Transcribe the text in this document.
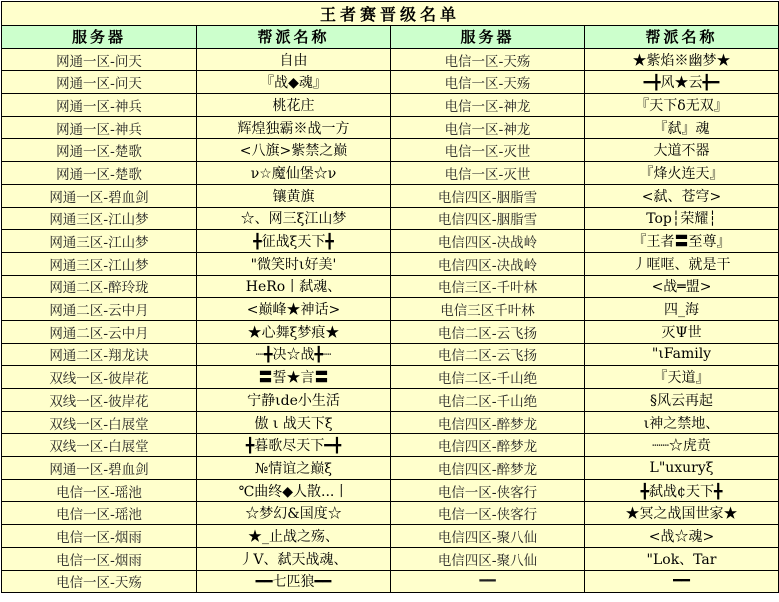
王者赛晋级名单			
服务器	帮派名称	服务器	帮派名称
网通一区-问天	自由	电信一区-天殇	★紫焰※幽梦★
网通一区-问天	『战◆魂』	电信一区-天殇	━╋风★云╋━
网通一区-神兵	桃花庄	电信一区-神龙	『天下δ无双』
网通一区-神兵	辉煌独霸※战一方	电信一区-神龙	『弑』魂
网通一区-楚歌	<八旗>紫禁之巅	电信一区-灭世	大道不器
网通一区-楚歌	ν☆魔仙堡☆ν	电信一区-灭世	『烽火连天』
网通一区-碧血剑	镶黄旗	电信四区-胭脂雪	<弑、苍穹>
网通三区-江山梦	☆、网三ξ江山梦	电信四区-胭脂雪	Top┆荣耀┆
网通三区-江山梦	╋征战ξ天下╋	电信四区-决战岭	『王者〓至尊』
网通三区-江山梦	"微笑时ι好美'	电信四区-决战岭	丿哐哐、就是干
网通二区-醉玲珑	HeRo丨弑魂、	电信三区-千叶林	<战═盟>
网通二区-云中月	<巅峰★神话>	电信三区千叶林	四_海
网通二区-云中月	★心舞ξ梦痕★	电信二区-云飞扬	灭Ψ世
网通二区-翔龙诀	┈╋决☆战╋┈	电信二区-云飞扬	"ιFamily
双线一区-彼岸花	〓誓★言〓	电信二区-千山绝	『天道』
双线一区-彼岸花	宁静ιde小生活	电信二区-千山绝	§风云再起
双线一区-白展堂	傲 ι 战天下ξ	电信四区-醉梦龙	ι神之禁地、
双线一区-白展堂	╋暮歌尽天下━╋	电信四区-醉梦龙	┈┈☆虎贲
网通一区-碧血剑	№情谊之巅ξ	电信四区-醉梦龙	L"uxuryξ
电信一区-瑶池	℃曲终◆人散...丨	电信一区-侠客行	╋弑战¢天下╋
电信一区-瑶池	☆梦幻&国度☆	电信一区-侠客行	★冥之战国世家★
电信一区-烟雨	★_止战之殇、	电信四区-聚八仙	<战☆魂>
电信一区-烟雨	丿V、弑天战魂、	电信四区-聚八仙	"Lok、Tar
电信一区-天殇	━━七匹狼━━	━━	━━
